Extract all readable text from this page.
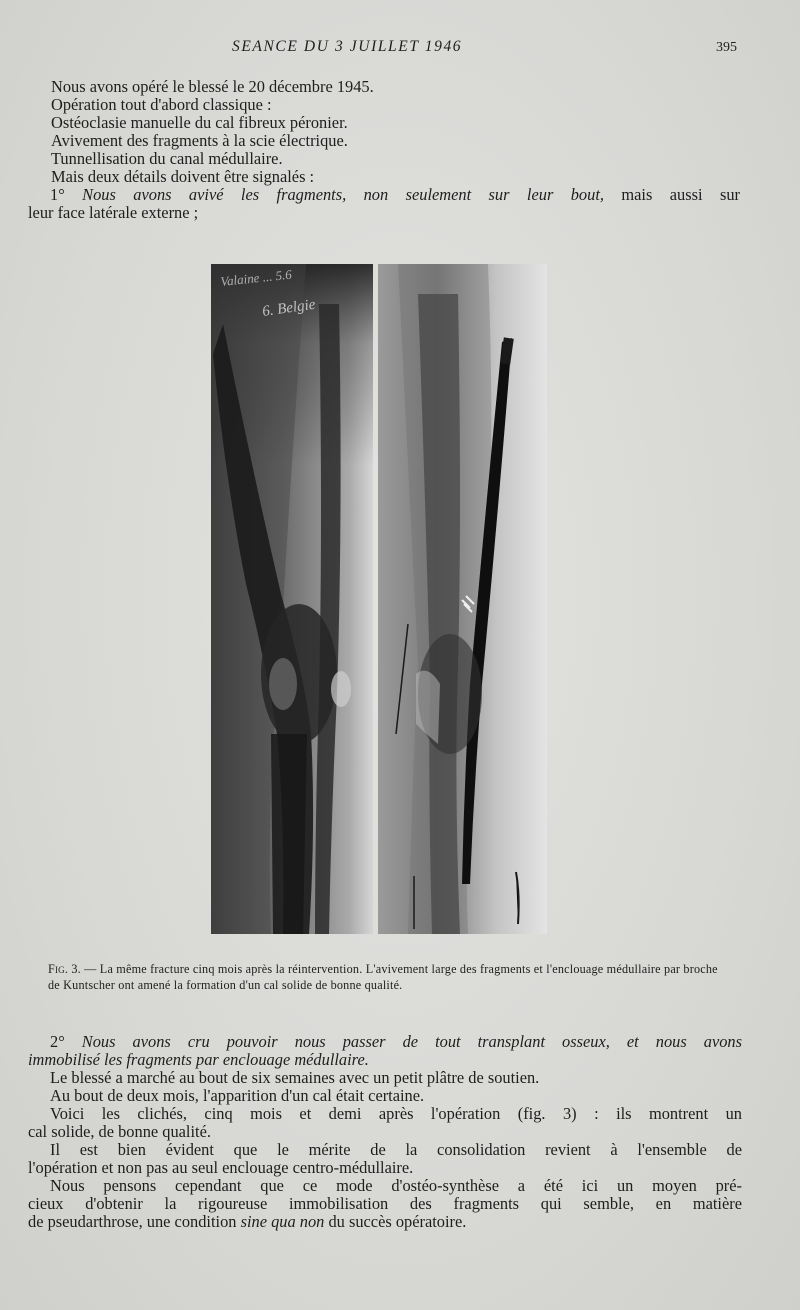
SEANCE DU 3 JUILLET 1946	395
Nous avons opéré le blessé le 20 décembre 1945.
Opération tout d'abord classique :
Ostéoclasie manuelle du cal fibreux péronier.
Avivement des fragments à la scie électrique.
Tunnellisation du canal médullaire.
Mais deux détails doivent être signalés :
1° Nous avons avivé les fragments, non seulement sur leur bout, mais aussi sur
leur face latérale externe ;
Valaine ... 5.6
6. Belgie
Fig. 3. — La même fracture cinq mois après la réintervention. L'avivement large des fragments et l'enclouage médullaire par broche de Kuntscher ont amené la formation d'un cal solide de bonne qualité.
2° Nous avons cru pouvoir nous passer de tout transplant osseux, et nous avons
immobilisé les fragments par enclouage médullaire.
Le blessé a marché au bout de six semaines avec un petit plâtre de soutien.
Au bout de deux mois, l'apparition d'un cal était certaine.
Voici les clichés, cinq mois et demi après l'opération (fig. 3) : ils montrent un
cal solide, de bonne qualité.
Il est bien évident que le mérite de la consolidation revient à l'ensemble de
l'opération et non pas au seul enclouage centro-médullaire.
Nous pensons cependant que ce mode d'ostéo-synthèse a été ici un moyen pré-
cieux d'obtenir la rigoureuse immobilisation des fragments qui semble, en matière
de pseudarthrose, une condition sine qua non du succès opératoire.
